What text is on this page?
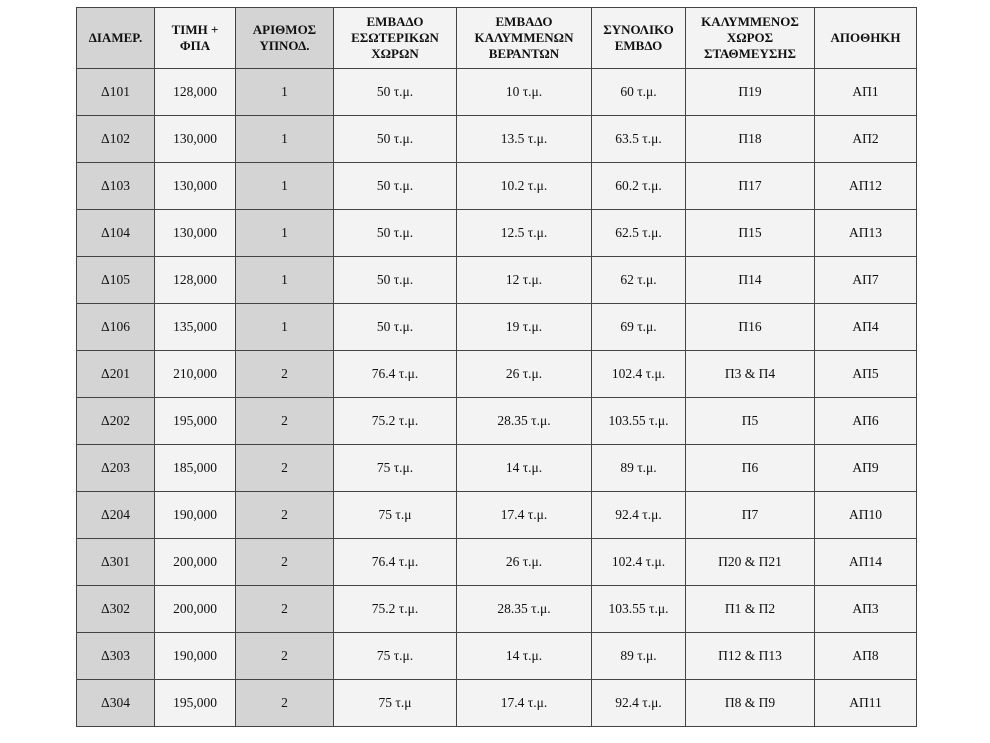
ΔΙΑΜΕΡ.	ΤΙΜΗ + ΦΠΑ	ΑΡΙΘΜΟΣ ΥΠΝΟΔ.	ΕΜΒΑΔΟ ΕΣΩΤΕΡΙΚΩΝ ΧΩΡΩΝ	ΕΜΒΑΔΟ ΚΑΛΥΜΜΕΝΩΝ ΒΕΡΑΝΤΩΝ	ΣΥΝΟΛΙΚΟ ΕΜΒΔΟ	ΚΑΛΥΜΜΕΝΟΣ ΧΩΡΟΣ ΣΤΑΘΜΕΥΣΗΣ	ΑΠΟΘΗΚΗ
Δ101	128,000	1	50 τ.μ.	10 τ.μ.	60 τ.μ.	Π19	ΑΠ1
Δ102	130,000	1	50 τ.μ.	13.5 τ.μ.	63.5 τ.μ.	Π18	ΑΠ2
Δ103	130,000	1	50 τ.μ.	10.2 τ.μ.	60.2 τ.μ.	Π17	ΑΠ12
Δ104	130,000	1	50 τ.μ.	12.5 τ.μ.	62.5 τ.μ.	Π15	ΑΠ13
Δ105	128,000	1	50 τ.μ.	12 τ.μ.	62 τ.μ.	Π14	ΑΠ7
Δ106	135,000	1	50 τ.μ.	19 τ.μ.	69 τ.μ.	Π16	ΑΠ4
Δ201	210,000	2	76.4 τ.μ.	26 τ.μ.	102.4 τ.μ.	Π3 & Π4	ΑΠ5
Δ202	195,000	2	75.2 τ.μ.	28.35 τ.μ.	103.55 τ.μ.	Π5	ΑΠ6
Δ203	185,000	2	75 τ.μ.	14 τ.μ.	89 τ.μ.	Π6	ΑΠ9
Δ204	190,000	2	75 τ.μ	17.4 τ.μ.	92.4 τ.μ.	Π7	ΑΠ10
Δ301	200,000	2	76.4 τ.μ.	26 τ.μ.	102.4 τ.μ.	Π20 & Π21	ΑΠ14
Δ302	200,000	2	75.2 τ.μ.	28.35 τ.μ.	103.55 τ.μ.	Π1 & Π2	ΑΠ3
Δ303	190,000	2	75 τ.μ.	14 τ.μ.	89 τ.μ.	Π12 & Π13	ΑΠ8
Δ304	195,000	2	75 τ.μ	17.4 τ.μ.	92.4 τ.μ.	Π8 & Π9	ΑΠ11
